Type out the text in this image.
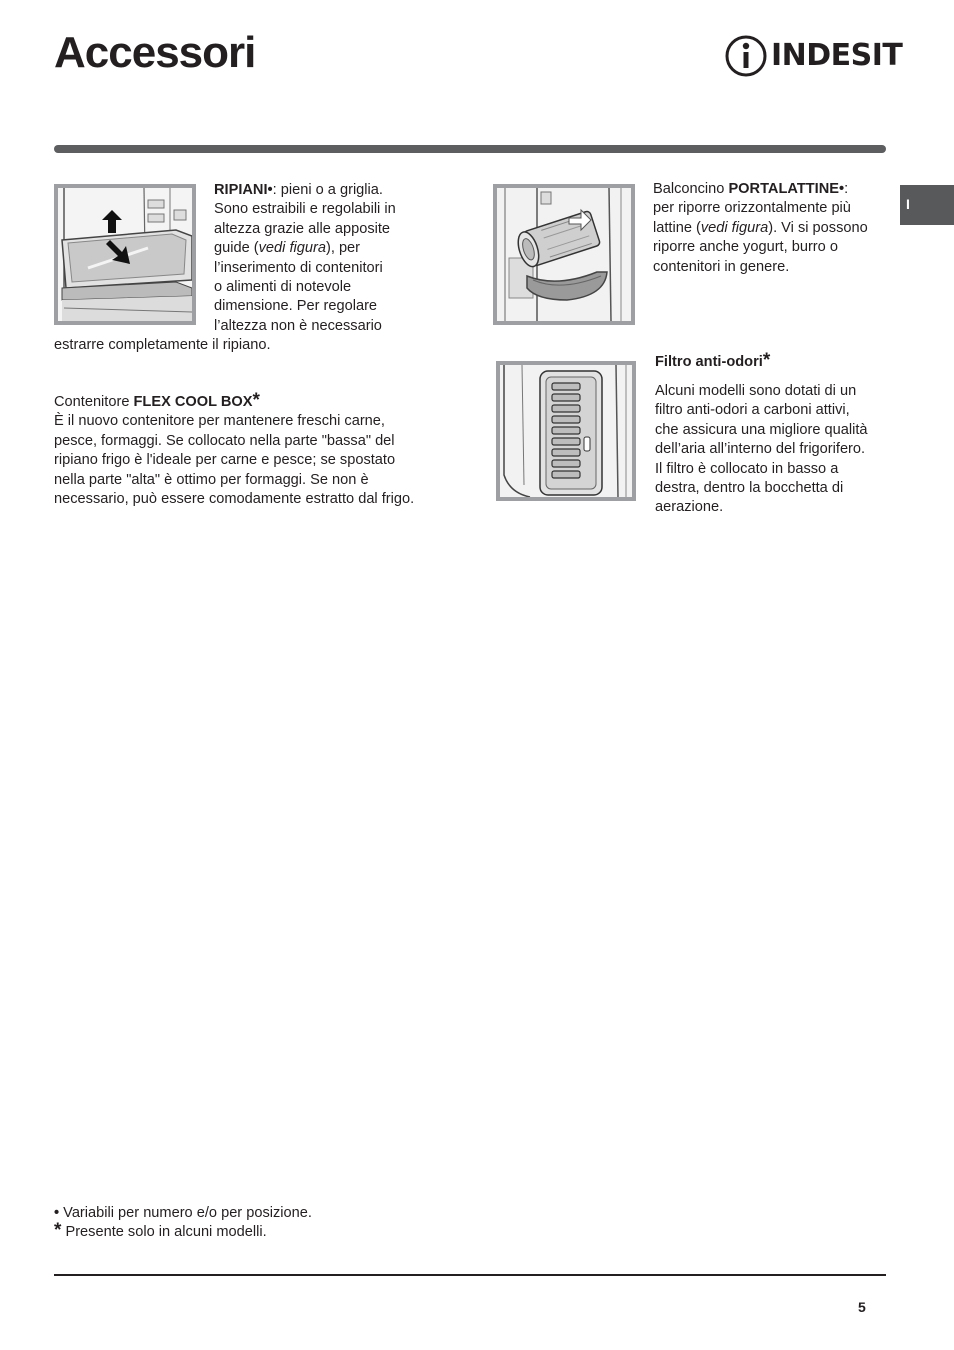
Accessori	INDESIT
I
RIPIANI•: pieni o a griglia.
Sono estraibili e regolabili in
altezza grazie alle apposite
guide (vedi figura), per
l’inserimento di contenitori
o alimenti di notevole
dimensione. Per regolare
l’altezza non è necessario
estrarre completamente il ripiano.
Contenitore FLEX COOL BOX*
È il nuovo contenitore per mantenere freschi carne,
pesce, formaggi. Se collocato nella parte "bassa" del
ripiano frigo è l'ideale per carne e pesce; se spostato
nella parte "alta" è ottimo per formaggi. Se non è
necessario, può essere comodamente estratto dal frigo.
Balconcino PORTALATTINE•:
per riporre orizzontalmente più
lattine (vedi figura). Vi si possono
riporre anche yogurt, burro o
contenitori in genere.
Filtro anti-odori*
Alcuni modelli sono dotati di un
filtro anti-odori a carboni attivi,
che assicura una migliore qualità
dell’aria all’interno del frigorifero.
Il filtro è collocato in basso a
destra, dentro la bocchetta di
aerazione.
• Variabili per numero e/o per posizione.
* Presente solo in alcuni modelli.
5
